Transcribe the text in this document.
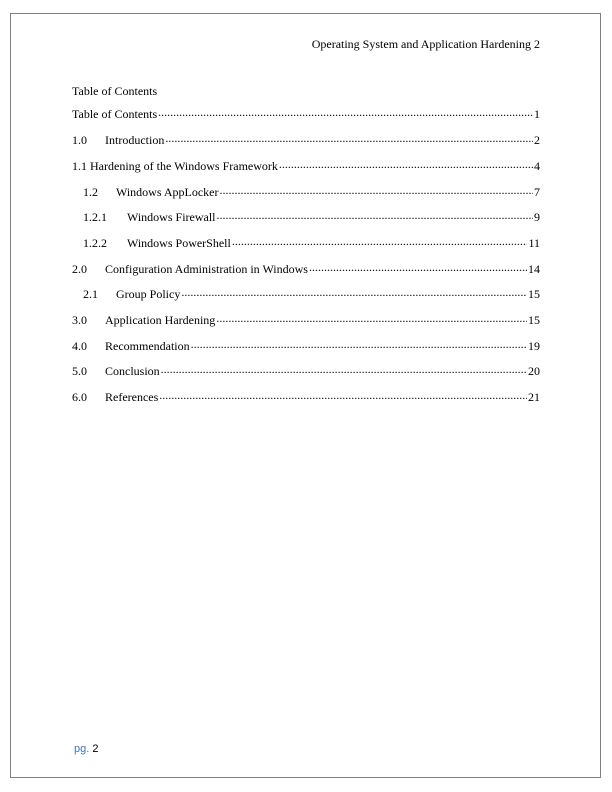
Operating System and Application Hardening 2
Table of Contents
Table of Contents .....	1
1.0	Introduction .....	2
1.1 Hardening of the Windows Framework .....	4
1.2	Windows AppLocker .....	7
1.2.1	Windows Firewall .....	9
1.2.2	Windows PowerShell .....	11
2.0	Configuration Administration in Windows .....	14
2.1	Group Policy .....	15
3.0	Application Hardening .....	15
4.0	Recommendation .....	19
5.0	Conclusion .....	20
6.0	References .....	21
pg. 2
